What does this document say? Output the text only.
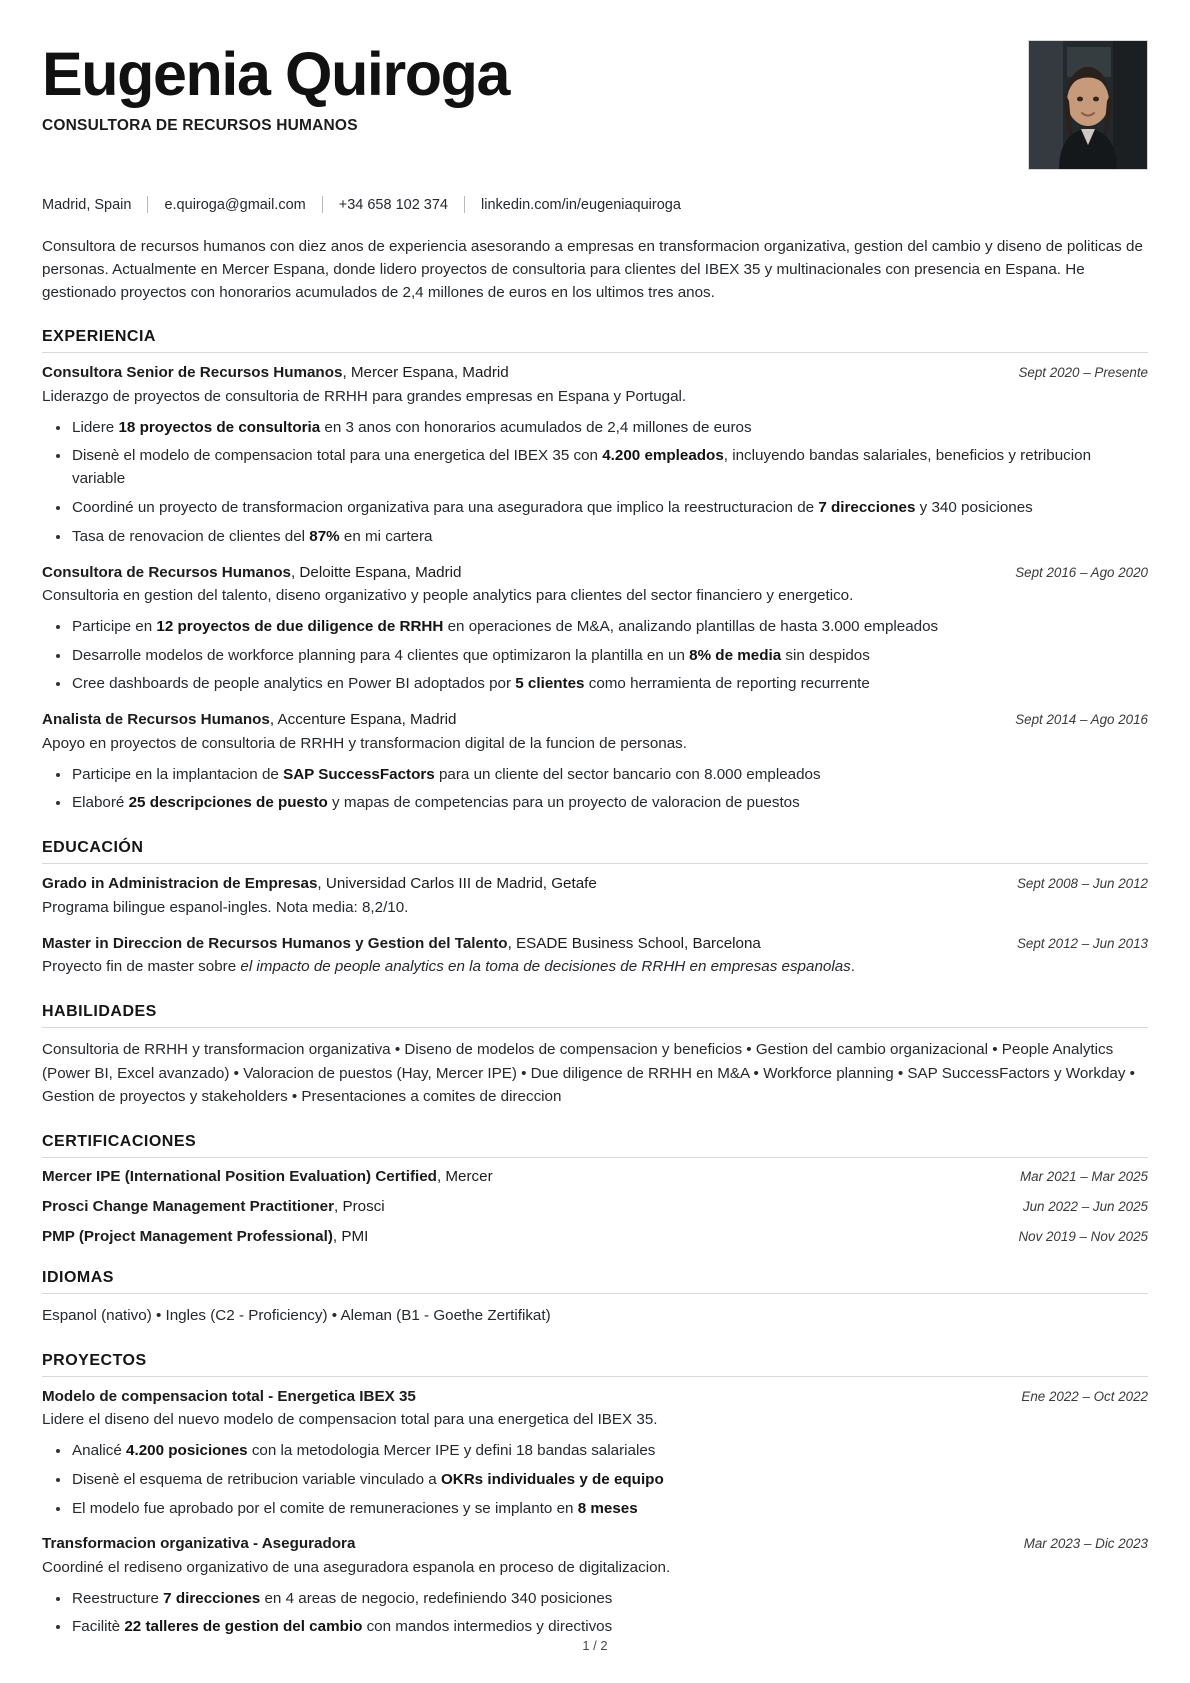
Eugenia Quiroga
CONSULTORA DE RECURSOS HUMANOS
Madrid, Spain e.quiroga@gmail.com +34 658 102 374 linkedin.com/in/eugeniaquiroga
Consultora de recursos humanos con diez anos de experiencia asesorando a empresas en transformacion organizativa, gestion del cambio y diseno de politicas de personas. Actualmente en Mercer Espana, donde lidero proyectos de consultoria para clientes del IBEX 35 y multinacionales con presencia en Espana. He gestionado proyectos con honorarios acumulados de 2,4 millones de euros en los ultimos tres anos.
EXPERIENCIA
Consultora Senior de Recursos Humanos, Mercer Espana, Madrid	Sept 2020 – Presente
Liderazgo de proyectos de consultoria de RRHH para grandes empresas en Espana y Portugal.
Lidere 18 proyectos de consultoria en 3 anos con honorarios acumulados de 2,4 millones de euros
Disenè el modelo de compensacion total para una energetica del IBEX 35 con 4.200 empleados, incluyendo bandas salariales, beneficios y retribucion variable
Coordiné un proyecto de transformacion organizativa para una aseguradora que implico la reestructuracion de 7 direcciones y 340 posiciones
Tasa de renovacion de clientes del 87% en mi cartera
Consultora de Recursos Humanos, Deloitte Espana, Madrid	Sept 2016 – Ago 2020
Consultoria en gestion del talento, diseno organizativo y people analytics para clientes del sector financiero y energetico.
Participe en 12 proyectos de due diligence de RRHH en operaciones de M&A, analizando plantillas de hasta 3.000 empleados
Desarrolle modelos de workforce planning para 4 clientes que optimizaron la plantilla en un 8% de media sin despidos
Cree dashboards de people analytics en Power BI adoptados por 5 clientes como herramienta de reporting recurrente
Analista de Recursos Humanos, Accenture Espana, Madrid	Sept 2014 – Ago 2016
Apoyo en proyectos de consultoria de RRHH y transformacion digital de la funcion de personas.
Participe en la implantacion de SAP SuccessFactors para un cliente del sector bancario con 8.000 empleados
Elaboré 25 descripciones de puesto y mapas de competencias para un proyecto de valoracion de puestos
EDUCACIÓN
Grado in Administracion de Empresas, Universidad Carlos III de Madrid, Getafe	Sept 2008 – Jun 2012
Programa bilingue espanol-ingles. Nota media: 8,2/10.
Master in Direccion de Recursos Humanos y Gestion del Talento, ESADE Business School, Barcelona	Sept 2012 – Jun 2013
Proyecto fin de master sobre el impacto de people analytics en la toma de decisiones de RRHH en empresas espanolas.
HABILIDADES
Consultoria de RRHH y transformacion organizativa • Diseno de modelos de compensacion y beneficios • Gestion del cambio organizacional • People Analytics (Power BI, Excel avanzado) • Valoracion de puestos (Hay, Mercer IPE) • Due diligence de RRHH en M&A • Workforce planning • SAP SuccessFactors y Workday • Gestion de proyectos y stakeholders • Presentaciones a comites de direccion
CERTIFICACIONES
Mercer IPE (International Position Evaluation) Certified, Mercer	Mar 2021 – Mar 2025
Prosci Change Management Practitioner, Prosci	Jun 2022 – Jun 2025
PMP (Project Management Professional), PMI	Nov 2019 – Nov 2025
IDIOMAS
Espanol (nativo) • Ingles (C2 - Proficiency) • Aleman (B1 - Goethe Zertifikat)
PROYECTOS
Modelo de compensacion total - Energetica IBEX 35	Ene 2022 – Oct 2022
Lidere el diseno del nuevo modelo de compensacion total para una energetica del IBEX 35.
Analicé 4.200 posiciones con la metodologia Mercer IPE y defini 18 bandas salariales
Disenè el esquema de retribucion variable vinculado a OKRs individuales y de equipo
El modelo fue aprobado por el comite de remuneraciones y se implanto en 8 meses
Transformacion organizativa - Aseguradora	Mar 2023 – Dic 2023
Coordiné el rediseno organizativo de una aseguradora espanola en proceso de digitalizacion.
Reestructure 7 direcciones en 4 areas de negocio, redefiniendo 340 posiciones
Facilitè 22 talleres de gestion del cambio con mandos intermedios y directivos
1 / 2
